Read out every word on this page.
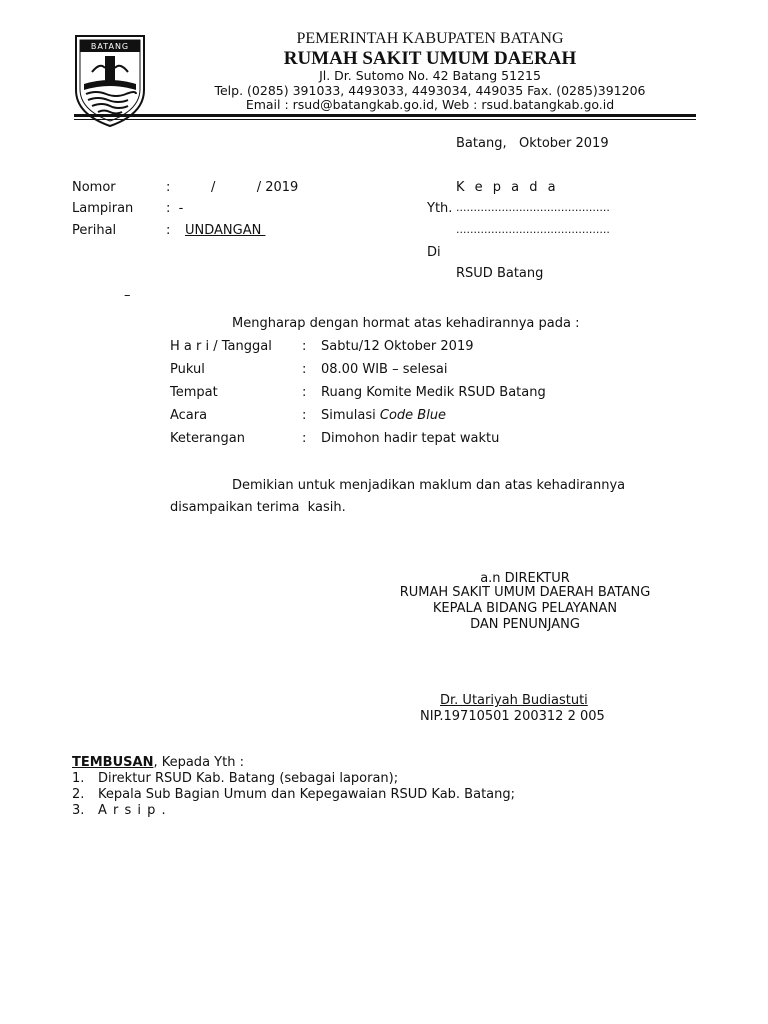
BATANG	PEMERINTAH KABUPATEN BATANG
RUMAH SAKIT UMUM DAERAH
Jl. Dr. Sutomo No. 42 Batang 51215
Telp. (0285) 391033, 4493033, 4493034, 449035 Fax. (0285)391206
Email : rsud@batangkab.go.id, Web : rsud.batangkab.go.id
Batang,   Oktober 2019
Nomor	:	/          / 2019
Lampiran	:  -
Perihal	: UNDANGAN
K e p a d a
Yth. ............................................
............................................
Di
RSUD Batang
–
Mengharap dengan hormat atas kehadirannya pada :
H a r i / Tanggal : Sabtu/12 Oktober 2019
Pukul	: 08.00 WIB – selesai
Tempat	: Ruang Komite Medik RSUD Batang
Acara	: Simulasi Code Blue
Keterangan	: Dimohon hadir tepat waktu
Demikian untuk menjadikan maklum dan atas kehadirannya
disampaikan terima  kasih.
a.n DIREKTUR
RUMAH SAKIT UMUM DAERAH BATANG
KEPALA BIDANG PELAYANAN
DAN PENUNJANG
Dr. Utariyah Budiastuti
NIP.19710501 200312 2 005
TEMBUSAN, Kepada Yth :
1. Direktur RSUD Kab. Batang (sebagai laporan);
2. Kepala Sub Bagian Umum dan Kepegawaian RSUD Kab. Batang;
3. A r s i p .
